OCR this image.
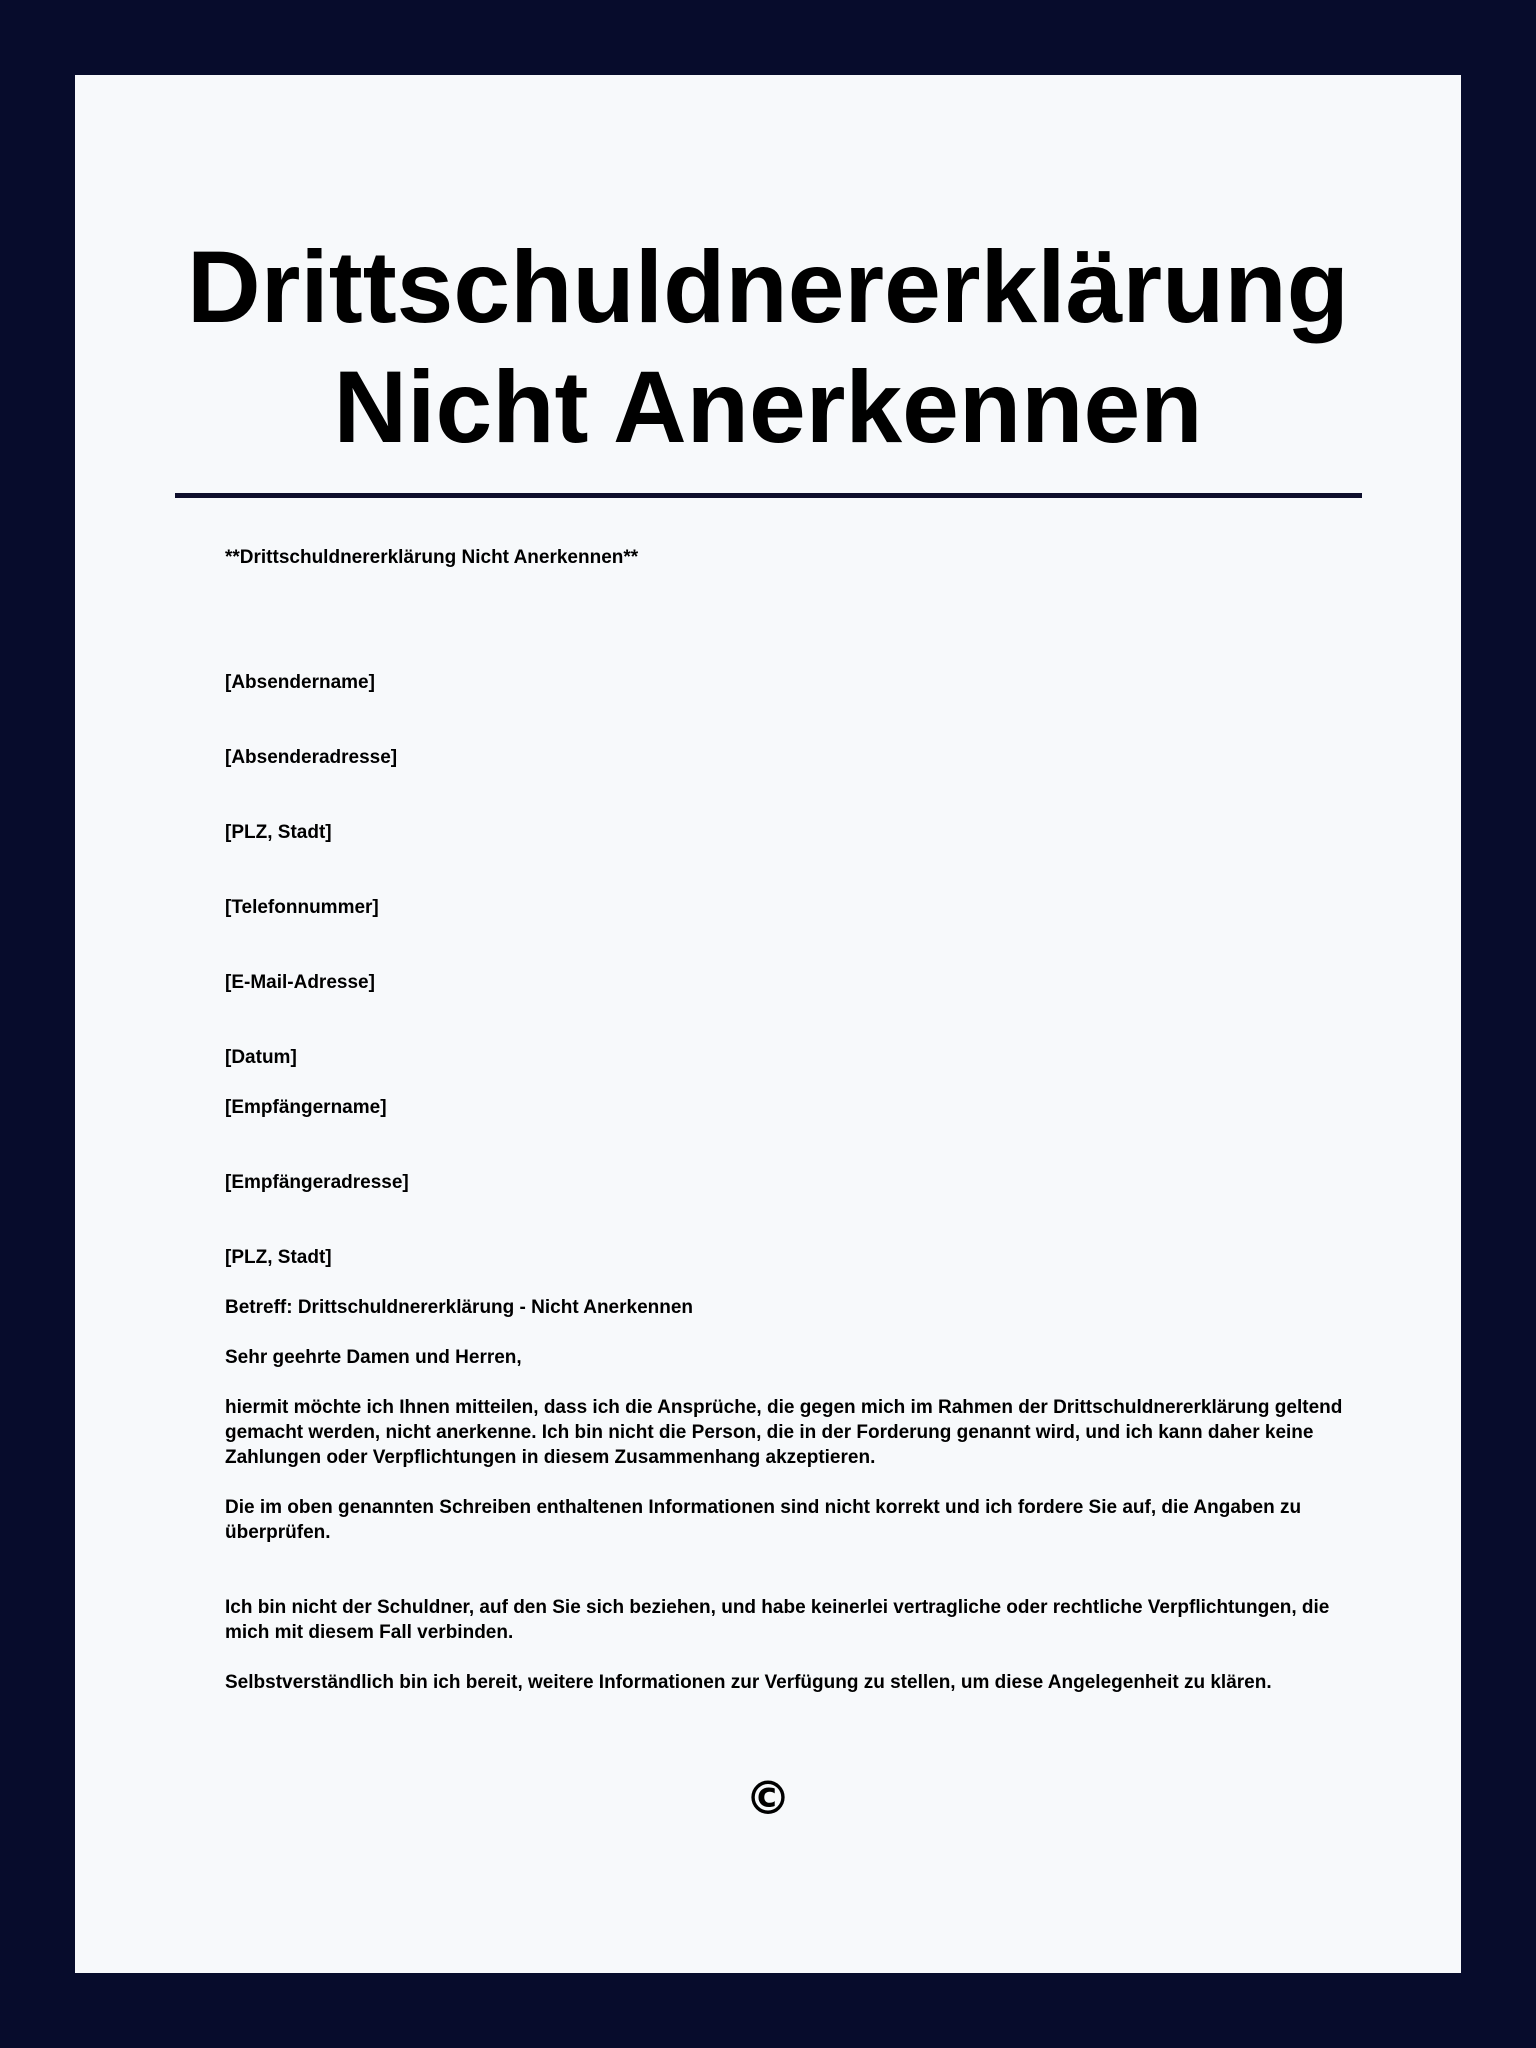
Drittschuldnererklärung
Nicht Anerkennen

**Drittschuldnererklärung Nicht Anerkennen**

[Absendername]

[Absenderadresse]

[PLZ, Stadt]

[Telefonnummer]

[E-Mail-Adresse]

[Datum]

[Empfängername]

[Empfängeradresse]

[PLZ, Stadt]

Betreff: Drittschuldnererklärung - Nicht Anerkennen

Sehr geehrte Damen und Herren,

hiermit möchte ich Ihnen mitteilen, dass ich die Ansprüche, die gegen mich im Rahmen der Drittschuldnererklärung geltend gemacht werden, nicht anerkenne. Ich bin nicht die Person, die in der Forderung genannt wird, und ich kann daher keine Zahlungen oder Verpflichtungen in diesem Zusammenhang akzeptieren.

Die im oben genannten Schreiben enthaltenen Informationen sind nicht korrekt und ich fordere Sie auf, die Angaben zu überprüfen.

Ich bin nicht der Schuldner, auf den Sie sich beziehen, und habe keinerlei vertragliche oder rechtliche Verpflichtungen, die mich mit diesem Fall verbinden.

Selbstverständlich bin ich bereit, weitere Informationen zur Verfügung zu stellen, um diese Angelegenheit zu klären.

©
